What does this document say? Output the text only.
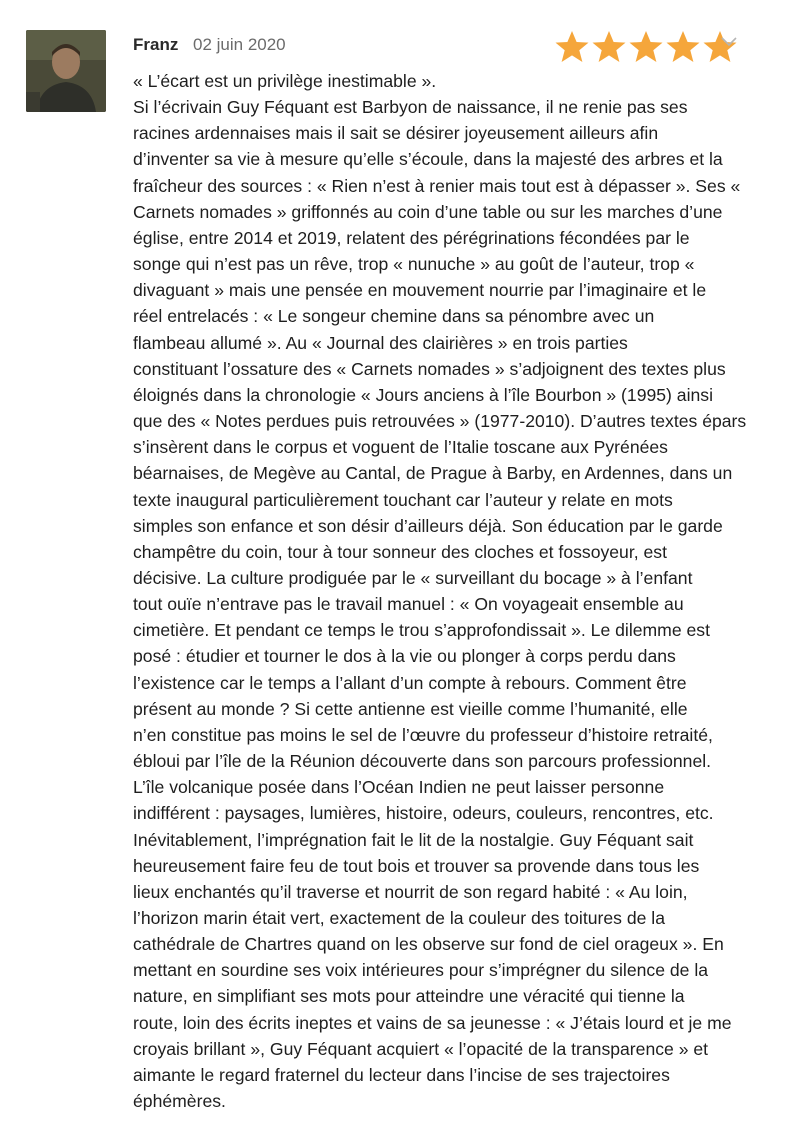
Franz 02 juin 2020
« L’écart est un privilège inestimable ».
Si l’écrivain Guy Féquant est Barbyon de naissance, il ne renie pas ses
racines ardennaises mais il sait se désirer joyeusement ailleurs afin
d’inventer sa vie à mesure qu’elle s’écoule, dans la majesté des arbres et la
fraîcheur des sources : « Rien n’est à renier mais tout est à dépasser ». Ses «
Carnets nomades » griffonnés au coin d’une table ou sur les marches d’une
église, entre 2014 et 2019, relatent des pérégrinations fécondées par le
songe qui n’est pas un rêve, trop « nunuche » au goût de l’auteur, trop «
divaguant » mais une pensée en mouvement nourrie par l’imaginaire et le
réel entrelacés : « Le songeur chemine dans sa pénombre avec un
flambeau allumé ». Au « Journal des clairières » en trois parties
constituant l’ossature des « Carnets nomades » s’adjoignent des textes plus
éloignés dans la chronologie « Jours anciens à l’île Bourbon » (1995) ainsi
que des « Notes perdues puis retrouvées » (1977-2010). D’autres textes épars
s’insèrent dans le corpus et voguent de l’Italie toscane aux Pyrénées
béarnaises, de Megève au Cantal, de Prague à Barby, en Ardennes, dans un
texte inaugural particulièrement touchant car l’auteur y relate en mots
simples son enfance et son désir d’ailleurs déjà. Son éducation par le garde
champêtre du coin, tour à tour sonneur des cloches et fossoyeur, est
décisive. La culture prodiguée par le « surveillant du bocage » à l’enfant
tout ouïe n’entrave pas le travail manuel : « On voyageait ensemble au
cimetière. Et pendant ce temps le trou s’approfondissait ». Le dilemme est
posé : étudier et tourner le dos à la vie ou plonger à corps perdu dans
l’existence car le temps a l’allant d’un compte à rebours. Comment être
présent au monde ? Si cette antienne est vieille comme l’humanité, elle
n’en constitue pas moins le sel de l’œuvre du professeur d’histoire retraité,
ébloui par l’île de la Réunion découverte dans son parcours professionnel.
L’île volcanique posée dans l’Océan Indien ne peut laisser personne
indifférent : paysages, lumières, histoire, odeurs, couleurs, rencontres, etc.
Inévitablement, l’imprégnation fait le lit de la nostalgie. Guy Féquant sait
heureusement faire feu de tout bois et trouver sa provende dans tous les
lieux enchantés qu’il traverse et nourrit de son regard habité : « Au loin,
l’horizon marin était vert, exactement de la couleur des toitures de la
cathédrale de Chartres quand on les observe sur fond de ciel orageux ». En
mettant en sourdine ses voix intérieures pour s’imprégner du silence de la
nature, en simplifiant ses mots pour atteindre une véracité qui tienne la
route, loin des écrits ineptes et vains de sa jeunesse : « J’étais lourd et je me
croyais brillant », Guy Féquant acquiert « l’opacité de la transparence » et
aimante le regard fraternel du lecteur dans l’incise de ses trajectoires
éphémères.
